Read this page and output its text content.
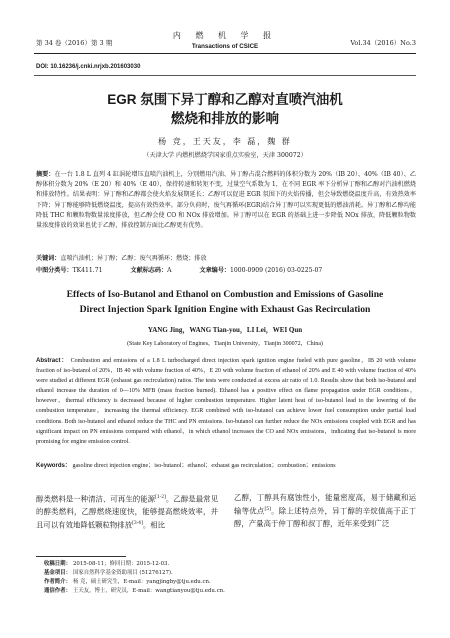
第 34 卷（2016）第 3 期
内 燃 机 学 报
Transactions of CSICE	Vol.34（2016）No.3
DOI: 10.16236/j.cnki.nrjxb.201603030
EGR 氛围下异丁醇和乙醇对直喷汽油机
燃烧和排放的影响
杨 竞，王天友，李 磊，魏 群
（天津大学 内燃机燃烧学国家重点实验室，天津 300072）
摘要：在一台 1.8 L 直列 4 缸涡轮增压直喷汽油机上，分别燃用汽油、异丁醇占混合燃料的体积分数为 20%（IB 20）、40%（IB 40）、乙醇体积分数为 20%（E 20）和 40%（E 40），保持转速和转矩不变，过量空气系数为 1，在不同 EGR 率下分析异丁醇和乙醇对汽油机燃烧和排放特性。结果表明：异丁醇和乙醇都会使火焰发展期延长；乙醇可以促进 EGR 氛围下的火焰传播，但会导致燃烧温度升高，有效热效率下降；异丁醇能够降低燃烧温度，提高有效热效率。部分负荷时，废气再循环(EGR)结合异丁醇可以实现更低的燃油消耗。异丁醇和乙醇均能降低 THC 和颗粒物数量浓度排放，但乙醇会使 CO 和 NOx 排放增加。异丁醇可以在 EGR 的基础上进一步降低 NOx 排放，降低颗粒物数量浓度排放的效果也优于乙醇，排放控制方面比乙醇更有优势。
关键词：直喷汽油机；异丁醇；乙醇；废气再循环；燃烧；排放
中图分类号：TK411.71	文献标志码：A	文章编号：1000-0909 (2016) 03-0225-07
Effects of Iso-Butanol and Ethanol on Combustion and Emissions of Gasoline
Direct Injection Spark Ignition Engine with Exhaust Gas Recirculation
YANG Jing，WANG Tian-you，LI Lei，WEI Qun
(State Key Laboratory of Engines，Tianjin University，Tianjin 300072，China)
Abstract： Combustion and emissions of a 1.8 L turbocharged direct injection spark ignition engine fueled with pure gasoline，IB 20 with volume fraction of iso-butanol of 20%，IB 40 with volume fraction of 40%，E 20 with volume fraction of ethanol of 20% and E 40 with volume fraction of 40% were studied at different EGR (exhaust gas recirculation) ratios. The tests were conducted at excess air ratio of 1.0. Results show that both iso-butanol and ethanol increase the duration of 0—10% MFB (mass fraction burned). Ethanol has a positive effect on flame propagation under EGR conditions，however，thermal efficiency is decreased because of higher combustion temperature. Higher latent heat of iso-butanol lead to the lowering of the combustion temperature，increasing the thermal efficiency. EGR combined with iso-butanol can achieve lower fuel consumption under partial load conditions. Both iso-butanol and ethanol reduce the THC and PN emissions. Iso-butanol can further reduce the NOx emissions coupled with EGR and has significant impact on PN emissions compared with ethanol，in which ethanol increases the CO and NOx emissions，indicating that iso-butanol is more promising for engine emission control.
Keywords： gasoline direct injection engine；iso-butanol；ethanol；exhaust gas recirculation；combustion；emissions
醇类燃料是一种清洁、可再生的能源[1-2]。乙醇是最常见的醇类燃料，乙醇燃烧速度快，能够提高燃烧效率，并且可以有效地降低颗粒物排放[3-4]。相比
乙醇，丁醇具有腐蚀性小，能量密度高，易于储藏和运输等优点[5]。除上述特点外，异丁醇的辛烷值高于正丁醇，产量高于仲丁醇和叔丁醇，近年来受到广泛
收稿日期： 2015-08-11；修回日期：2015-12-03.
基金项目： 国家自然科学基金资助项目 (51276127).
作者简介： 杨 竞，硕士研究生，E-mail：yangjingby@tju.edu.cn.
通信作者： 王天友，博士，研究员，E-mail：wangtianyou@tju.edu.cn.
